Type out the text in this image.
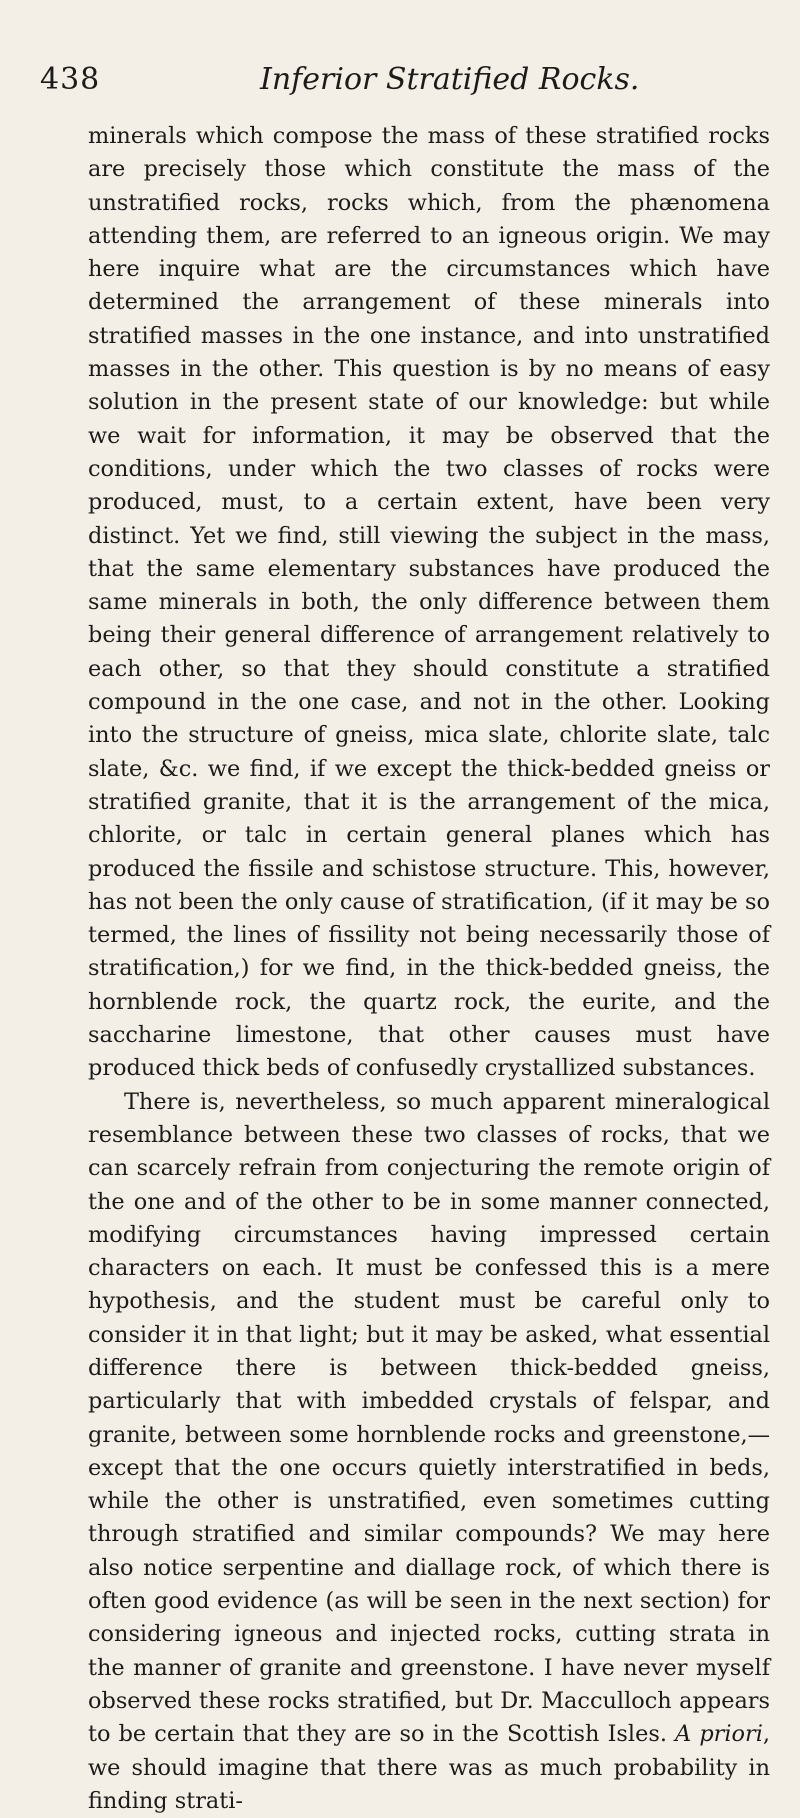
438	Inferior Stratified Rocks.

minerals which compose the mass of these stratified rocks are precisely those which constitute the mass of the unstratified rocks, rocks which, from the phænomena attending them, are referred to an igneous origin. We may here inquire what are the circumstances which have determined the arrangement of these minerals into stratified masses in the one instance, and into unstratified masses in the other. This question is by no means of easy solution in the present state of our knowledge: but while we wait for information, it may be observed that the conditions, under which the two classes of rocks were produced, must, to a certain extent, have been very distinct. Yet we find, still viewing the subject in the mass, that the same elementary substances have produced the same minerals in both, the only difference between them being their general difference of arrangement relatively to each other, so that they should constitute a stratified compound in the one case, and not in the other. Looking into the structure of gneiss, mica slate, chlorite slate, talc slate, &c. we find, if we except the thick-bedded gneiss or stratified granite, that it is the arrangement of the mica, chlorite, or talc in certain general planes which has produced the fissile and schistose structure. This, however, has not been the only cause of stratification, (if it may be so termed, the lines of fissility not being necessarily those of stratification,) for we find, in the thick-bedded gneiss, the hornblende rock, the quartz rock, the eurite, and the saccharine limestone, that other causes must have produced thick beds of confusedly crystallized substances.

There is, nevertheless, so much apparent mineralogical resemblance between these two classes of rocks, that we can scarcely refrain from conjecturing the remote origin of the one and of the other to be in some manner connected, modifying circumstances having impressed certain characters on each. It must be confessed this is a mere hypothesis, and the student must be careful only to consider it in that light; but it may be asked, what essential difference there is between thick-bedded gneiss, particularly that with imbedded crystals of felspar, and granite, between some hornblende rocks and greenstone,—except that the one occurs quietly interstratified in beds, while the other is unstratified, even sometimes cutting through stratified and similar compounds? We may here also notice serpentine and diallage rock, of which there is often good evidence (as will be seen in the next section) for considering igneous and injected rocks, cutting strata in the manner of granite and greenstone. I have never myself observed these rocks stratified, but Dr. Macculloch appears to be certain that they are so in the Scottish Isles. A priori, we should imagine that there was as much probability in finding strati-
